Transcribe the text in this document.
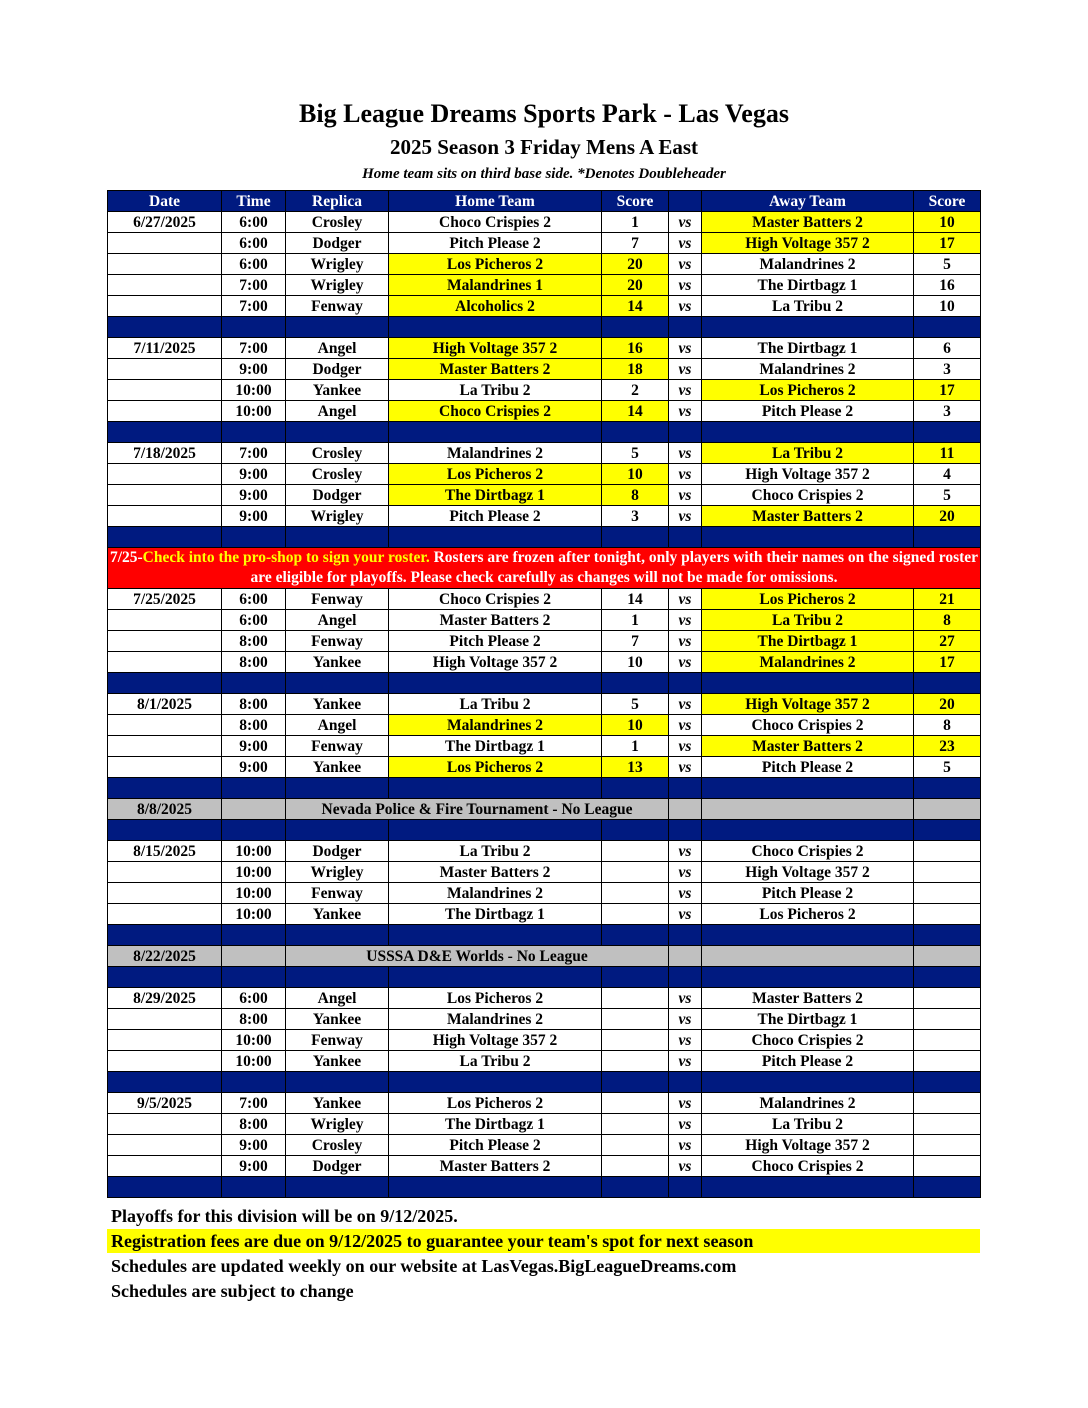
Big League Dreams Sports Park - Las Vegas
2025 Season 3 Friday Mens A East
Home team sits on third base side. *Denotes Doubleheader
Date	Time	Replica	Home Team	Score		Away Team	Score
6/27/2025	6:00	Crosley	Choco Crispies 2	1	vs	Master Batters 2	10
	6:00	Dodger	Pitch Please 2	7	vs	High Voltage 357 2	17
	6:00	Wrigley	Los Picheros 2	20	vs	Malandrines 2	5
	7:00	Wrigley	Malandrines 1	20	vs	The Dirtbagz 1	16
	7:00	Fenway	Alcoholics 2	14	vs	La Tribu 2	10

7/11/2025	7:00	Angel	High Voltage 357 2	16	vs	The Dirtbagz 1	6
	9:00	Dodger	Master Batters 2	18	vs	Malandrines 2	3
	10:00	Yankee	La Tribu 2	2	vs	Los Picheros 2	17
	10:00	Angel	Choco Crispies 2	14	vs	Pitch Please 2	3

7/18/2025	7:00	Crosley	Malandrines 2	5	vs	La Tribu 2	11
	9:00	Crosley	Los Picheros 2	10	vs	High Voltage 357 2	4
	9:00	Dodger	The Dirtbagz 1	8	vs	Choco Crispies 2	5
	9:00	Wrigley	Pitch Please 2	3	vs	Master Batters 2	20

7/25-Check into the pro-shop to sign your roster. Rosters are frozen after tonight, only players with their names on the signed roster are eligible for playoffs. Please check carefully as changes will not be made for omissions.							
7/25/2025	6:00	Fenway	Choco Crispies 2	14	vs	Los Picheros 2	21
	6:00	Angel	Master Batters 2	1	vs	La Tribu 2	8
	8:00	Fenway	Pitch Please 2	7	vs	The Dirtbagz 1	27
	8:00	Yankee	High Voltage 357 2	10	vs	Malandrines 2	17

8/1/2025	8:00	Yankee	La Tribu 2	5	vs	High Voltage 357 2	20
	8:00	Angel	Malandrines 2	10	vs	Choco Crispies 2	8
	9:00	Fenway	The Dirtbagz 1	1	vs	Master Batters 2	23
	9:00	Yankee	Los Picheros 2	13	vs	Pitch Please 2	5

8/8/2025		Nevada Police & Fire Tournament - No League					

8/15/2025	10:00	Dodger	La Tribu 2		vs	Choco Crispies 2	
	10:00	Wrigley	Master Batters 2		vs	High Voltage 357 2	
	10:00	Fenway	Malandrines 2		vs	Pitch Please 2	
	10:00	Yankee	The Dirtbagz 1		vs	Los Picheros 2	

8/22/2025		USSSA D&E Worlds - No League					

8/29/2025	6:00	Angel	Los Picheros 2		vs	Master Batters 2	
	8:00	Yankee	Malandrines 2		vs	The Dirtbagz 1	
	10:00	Fenway	High Voltage 357 2		vs	Choco Crispies 2	
	10:00	Yankee	La Tribu 2		vs	Pitch Please 2	

9/5/2025	7:00	Yankee	Los Picheros 2		vs	Malandrines 2	
	8:00	Wrigley	The Dirtbagz 1		vs	La Tribu 2	
	9:00	Crosley	Pitch Please 2		vs	High Voltage 357 2	
	9:00	Dodger	Master Batters 2		vs	Choco Crispies 2	

Playoffs for this division will be on 9/12/2025.
Registration fees are due on 9/12/2025 to guarantee your team's spot for next season
Schedules are updated weekly on our website at LasVegas.BigLeagueDreams.com
Schedules are subject to change
